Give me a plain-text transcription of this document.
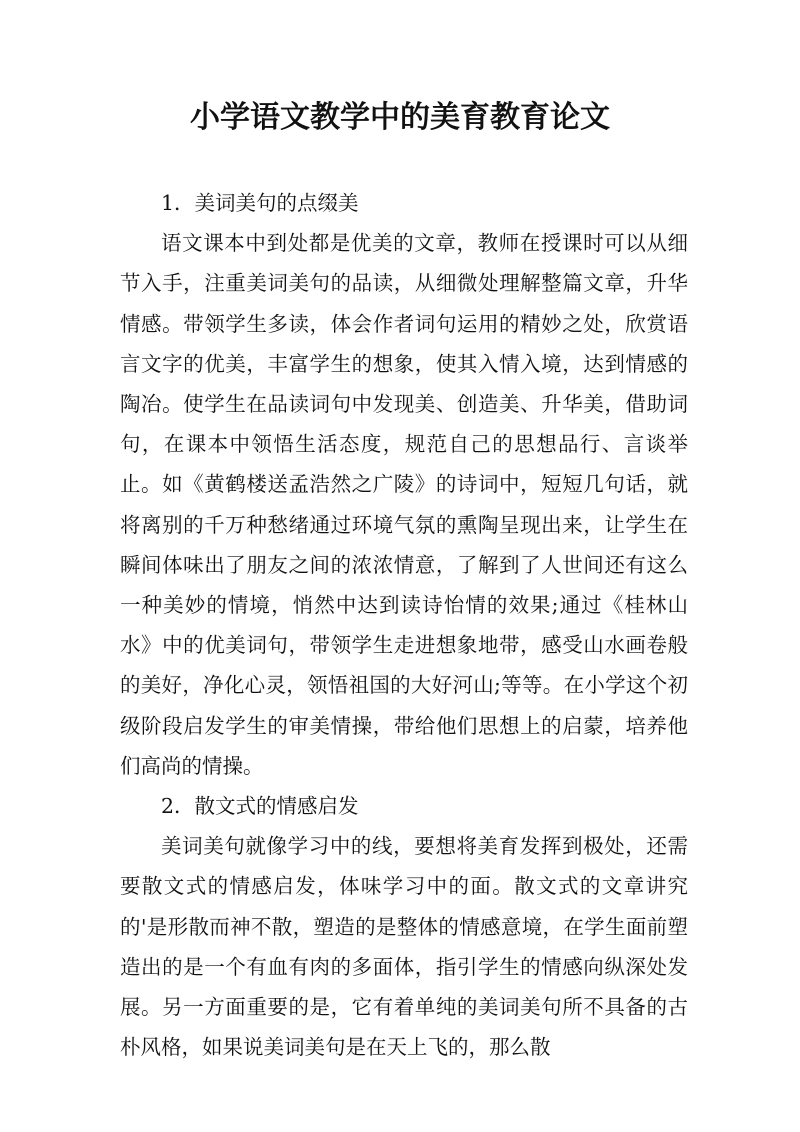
小学语文教学中的美育教育论文

1．美词美句的点缀美

语文课本中到处都是优美的文章，教师在授课时可以从细节入手，注重美词美句的品读，从细微处理解整篇文章，升华情感。带领学生多读，体会作者词句运用的精妙之处，欣赏语言文字的优美，丰富学生的想象，使其入情入境，达到情感的陶冶。使学生在品读词句中发现美、创造美、升华美，借助词句，在课本中领悟生活态度，规范自己的思想品行、言谈举止。如《黄鹤楼送孟浩然之广陵》的诗词中，短短几句话，就将离别的千万种愁绪通过环境气氛的熏陶呈现出来，让学生在瞬间体味出了朋友之间的浓浓情意，了解到了人世间还有这么一种美妙的情境，悄然中达到读诗怡情的效果;通过《桂林山水》中的优美词句，带领学生走进想象地带，感受山水画卷般的美好，净化心灵，领悟祖国的大好河山;等等。在小学这个初级阶段启发学生的审美情操，带给他们思想上的启蒙，培养他们高尚的情操。

2．散文式的情感启发

美词美句就像学习中的线，要想将美育发挥到极处，还需要散文式的情感启发，体味学习中的面。散文式的文章讲究的'是形散而神不散，塑造的是整体的情感意境，在学生面前塑造出的是一个有血有肉的多面体，指引学生的情感向纵深处发展。另一方面重要的是，它有着单纯的美词美句所不具备的古朴风格，如果说美词美句是在天上飞的，那么散
